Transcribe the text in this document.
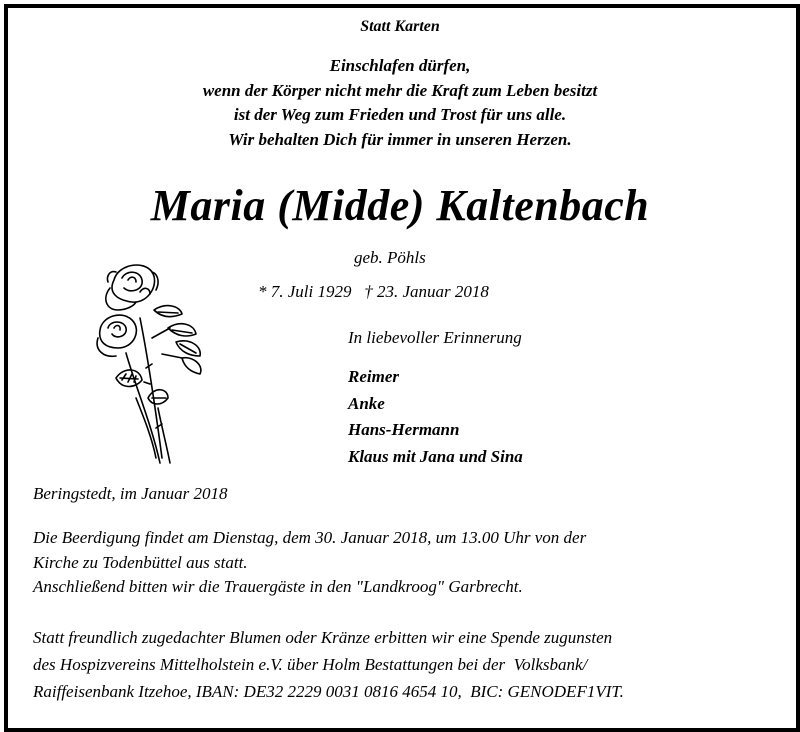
Statt Karten
Einschlafen dürfen,
wenn der Körper nicht mehr die Kraft zum Leben besitzt
ist der Weg zum Frieden und Trost für uns alle.
Wir behalten Dich für immer in unseren Herzen.
Maria (Midde) Kaltenbach
geb. Pöhls
* 7. Juli 1929 † 23. Januar 2018
In liebevoller Erinnerung
Reimer
Anke
Hans-Hermann
Klaus mit Jana und Sina
Beringstedt, im Januar 2018
Die Beerdigung findet am Dienstag, dem 30. Januar 2018, um 13.00 Uhr von der
Kirche zu Todenbüttel aus statt.
Anschließend bitten wir die Trauergäste in den "Landkroog" Garbrecht.
Statt freundlich zugedachter Blumen oder Kränze erbitten wir eine Spende zugunsten
des Hospizvereins Mittelholstein e.V. über Holm Bestattungen bei der  Volksbank/
Raiffeisenbank Itzehoe, IBAN: DE32 2229 0031 0816 4654 10,  BIC: GENODEF1VIT.
